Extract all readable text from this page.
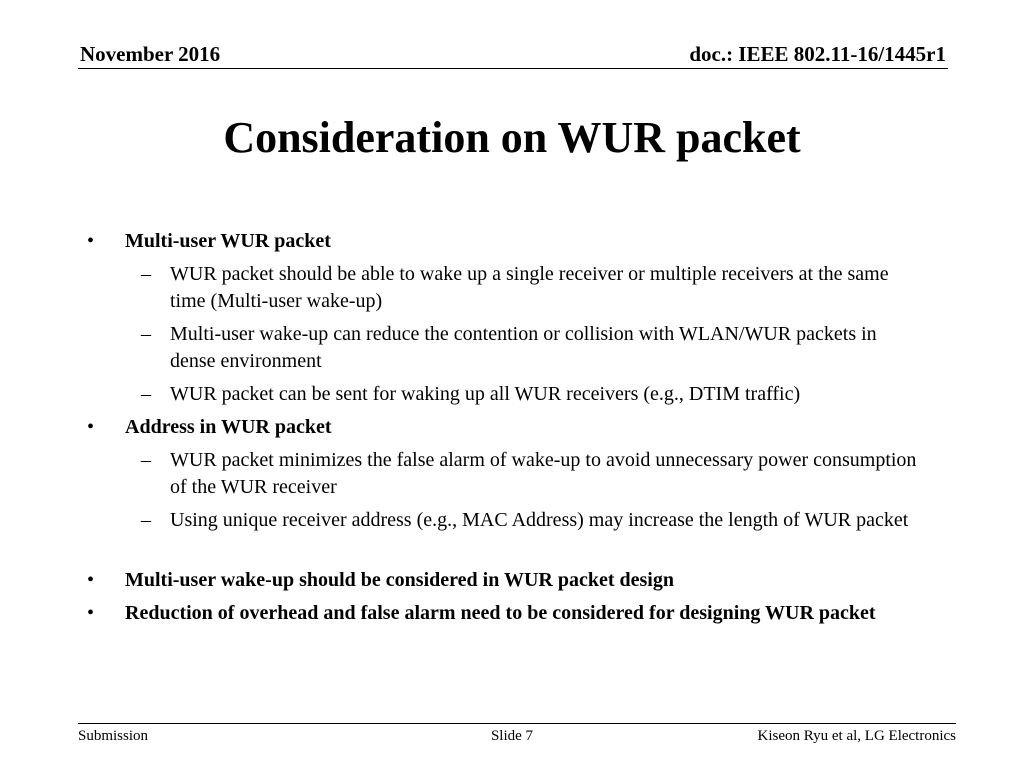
November 2016	doc.: IEEE 802.11-16/1445r1
Consideration on WUR packet
• Multi-user WUR packet
– WUR packet should be able to wake up a single receiver or multiple receivers at the same time (Multi-user wake-up)
– Multi-user wake-up can reduce the contention or collision with WLAN/WUR packets in dense environment
– WUR packet can be sent for waking up all WUR receivers (e.g., DTIM traffic)
• Address in WUR packet
– WUR packet minimizes the false alarm of wake-up to avoid unnecessary power consumption of the WUR receiver
– Using unique receiver address (e.g., MAC Address) may increase the length of WUR packet
• Multi-user wake-up should be considered in WUR packet design
• Reduction of overhead and false alarm need to be considered for designing WUR packet
Submission	Slide 7	Kiseon Ryu et al, LG Electronics
